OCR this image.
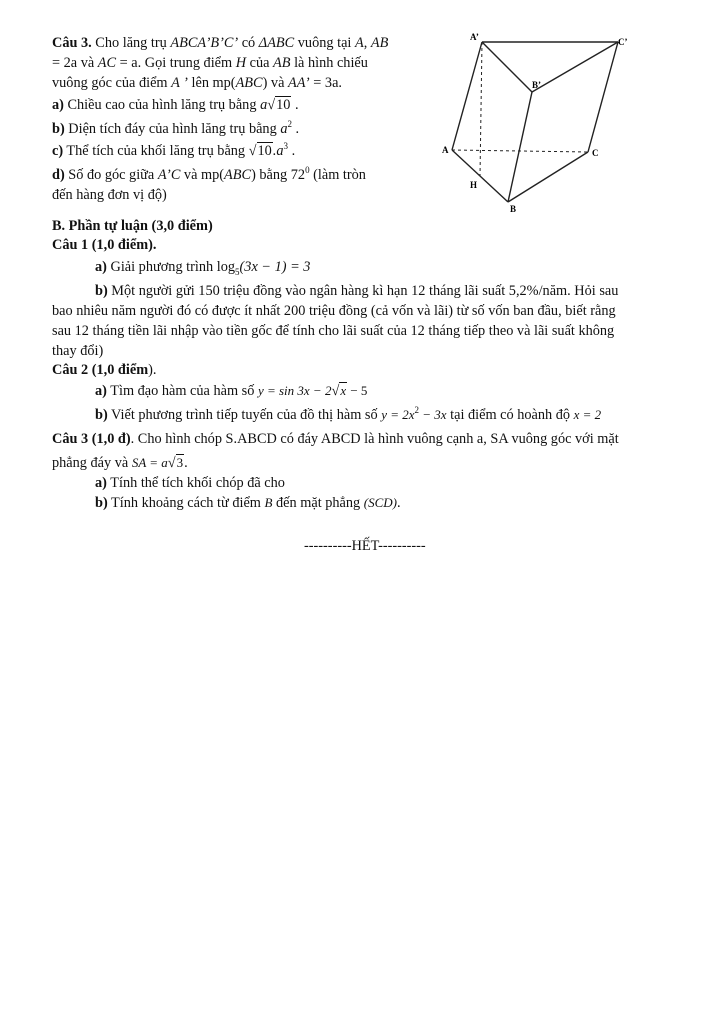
Câu 3. Cho lăng trụ ABCA’B’C’ có ΔABC vuông tại A, AB
= 2a và AC = a. Gọi trung điểm H của AB là hình chiếu
vuông góc của điểm A ’ lên mp(ABC) và AA’ = 3a.
a) Chiều cao của hình lăng trụ bằng a√10 .
b) Diện tích đáy của hình lăng trụ bằng $a^2$ .
c) Thể tích của khối lăng trụ bằng $√10.a^3$ .
d) Số đo góc giữa A’C và mp(ABC) bằng $72^0$ (làm tròn
đến hàng đơn vị độ)
A’	C’
B’
A	C
H
B
B. Phần tự luận (3,0 điểm)
Câu 1 (1,0 điểm).
a) Giải phương trình $\log_5(3x - 1) = 3$
b) Một người gửi 150 triệu đồng vào ngân hàng kì hạn 12 tháng lãi suất 5,2%/năm. Hỏi sau
bao nhiêu năm người đó có được ít nhất 200 triệu đồng (cả vốn và lãi) từ số vốn ban đầu, biết rằng
sau 12 tháng tiền lãi nhập vào tiền gốc để tính cho lãi suất của 12 tháng tiếp theo và lãi suất không
thay đổi)
Câu 2 (1,0 điểm).
a) Tìm đạo hàm của hàm số y = sin 3x − 2√x − 5
b) Viết phương trình tiếp tuyến của đồ thị hàm số $y = 2x^2 - 3x$ tại điểm có hoành độ x = 2
Câu 3 (1,0 đ). Cho hình chóp S.ABCD có đáy ABCD là hình vuông cạnh a, SA vuông góc với mặt
phẳng đáy và SA = a√3.
a) Tính thể tích khối chóp đã cho
b) Tính khoảng cách từ điểm B đến mặt phẳng (SCD).
----------HẾT----------
